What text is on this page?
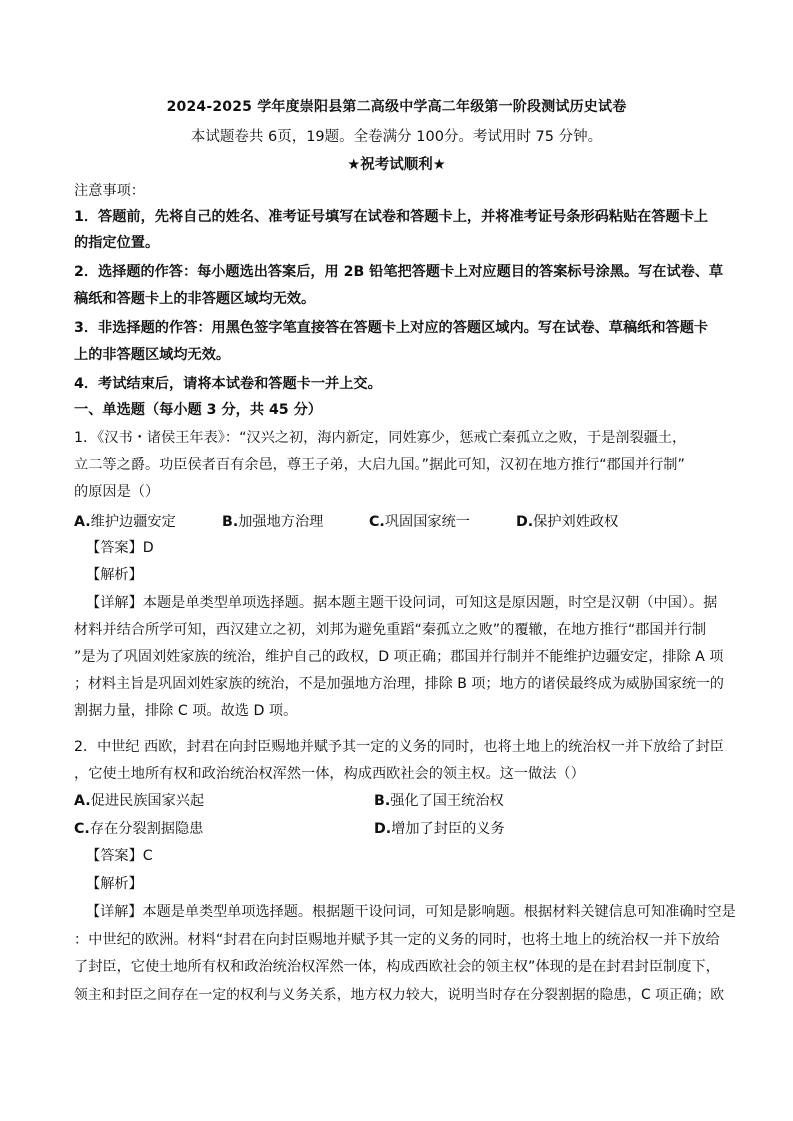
2024-2025 学年度崇阳县第二高级中学高二年级第一阶段测试历史试卷
本试题卷共 6页，19题。全卷满分 100分。考试用时 75 分钟。
★祝考试顺利★
注意事项：
1．答题前，先将自己的姓名、准考证号填写在试卷和答题卡上，并将准考证号条形码粘贴在答题卡上
的指定位置。
2．选择题的作答：每小题选出答案后，用 2B 铅笔把答题卡上对应题目的答案标号涂黑。写在试卷、草
稿纸和答题卡上的非答题区域均无效。
3．非选择题的作答：用黑色签字笔直接答在答题卡上对应的答题区域内。写在试卷、草稿纸和答题卡
上的非答题区域均无效。
4．考试结束后，请将本试卷和答题卡一并上交。
一、单选题（每小题 3 分，共 45 分）
1．《汉书・诸侯王年表》：“汉兴之初，海内新定，同姓寡少，惩戒亡秦孤立之败，于是剖裂疆土，
立二等之爵。功臣侯者百有余邑，尊王子弟，大启九国。”据此可知，汉初在地方推行“郡国并行制”
的原因是（）
A.维护边疆安定	B.加强地方治理	C.巩固国家统一	D.保护刘姓政权
【答案】D
【解析】
【详解】本题是单类型单项选择题。据本题主题干设问词，可知这是原因题，时空是汉朝（中国）。据
材料并结合所学可知，西汉建立之初，刘邦为避免重蹈“秦孤立之败”的覆辙，在地方推行“郡国并行制
”是为了巩固刘姓家族的统治，维护自己的政权，D 项正确；郡国并行制并不能维护边疆安定，排除 A 项
；材料主旨是巩固刘姓家族的统治，不是加强地方治理，排除 B 项；地方的诸侯最终成为威胁国家统一的
割据力量，排除 C 项。故选 D 项。
2．中世纪 西欧，封君在向封臣赐地并赋予其一定的义务的同时，也将土地上的统治权一并下放给了封臣
，它使土地所有权和政治统治权浑然一体，构成西欧社会的领主权。这一做法（）
A.促进民族国家兴起	B.强化了国王统治权
C.存在分裂割据隐患	D.增加了封臣的义务
【答案】C
【解析】
【详解】本题是单类型单项选择题。根据题干设问词，可知是影响题。根据材料关键信息可知准确时空是
：中世纪的欧洲。材料“封君在向封臣赐地并赋予其一定的义务的同时，也将土地上的统治权一并下放给
了封臣，它使土地所有权和政治统治权浑然一体，构成西欧社会的领主权”体现的是在封君封臣制度下，
领主和封臣之间存在一定的权利与义务关系，地方权力较大，说明当时存在分裂割据的隐患，C 项正确；欧
